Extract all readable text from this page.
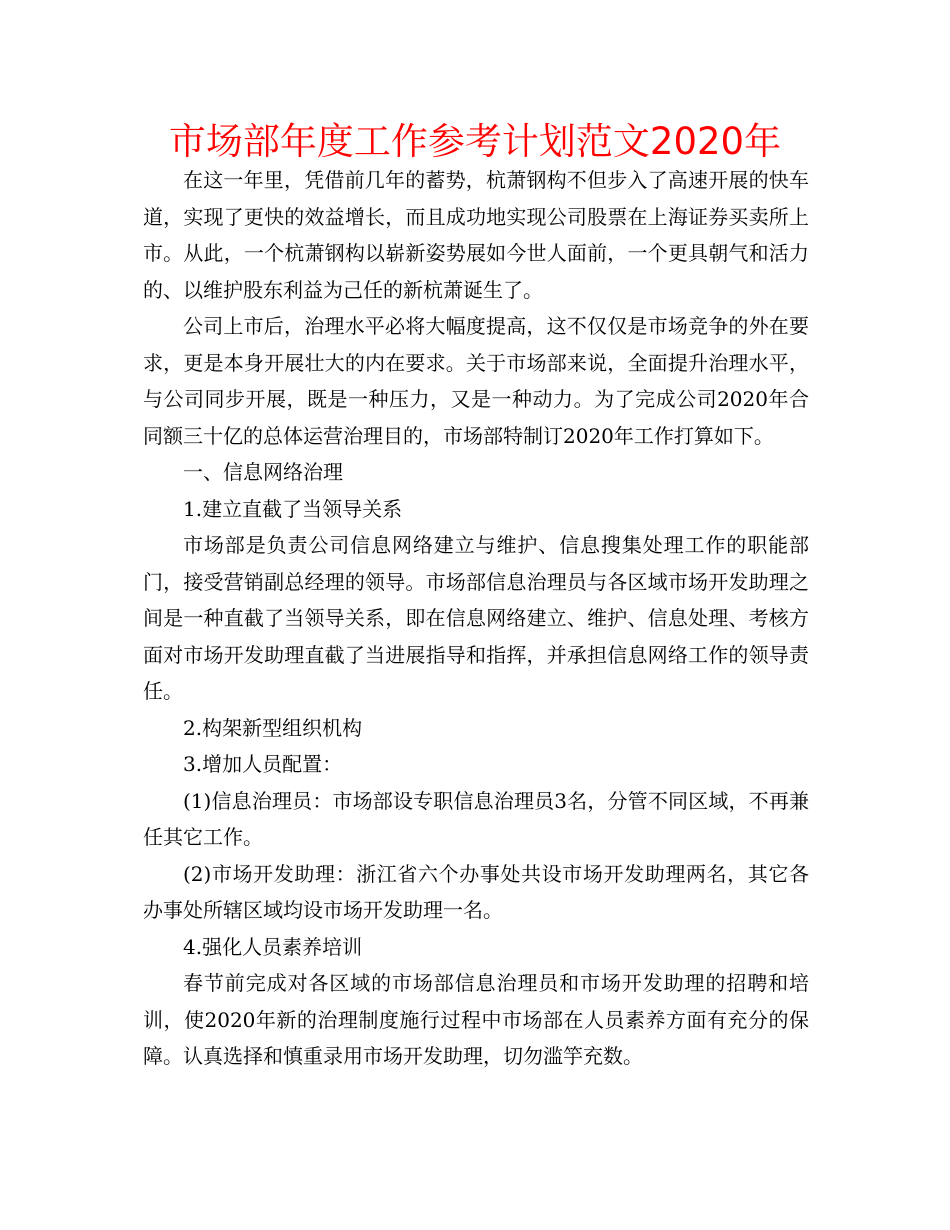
市场部年度工作参考计划范文2020年

在这一年里，凭借前几年的蓄势，杭萧钢构不但步入了高速开展的快车道，实现了更快的效益增长，而且成功地实现公司股票在上海证券买卖所上市。从此，一个杭萧钢构以崭新姿势展如今世人面前，一个更具朝气和活力的、以维护股东利益为己任的新杭萧诞生了。

公司上市后，治理水平必将大幅度提高，这不仅仅是市场竞争的外在要求，更是本身开展壮大的内在要求。关于市场部来说，全面提升治理水平，与公司同步开展，既是一种压力，又是一种动力。为了完成公司2020年合同额三十亿的总体运营治理目的，市场部特制订2020年工作打算如下。

一、信息网络治理

1.建立直截了当领导关系

市场部是负责公司信息网络建立与维护、信息搜集处理工作的职能部门，接受营销副总经理的领导。市场部信息治理员与各区域市场开发助理之间是一种直截了当领导关系，即在信息网络建立、维护、信息处理、考核方面对市场开发助理直截了当进展指导和指挥，并承担信息网络工作的领导责任。

2.构架新型组织机构

3.增加人员配置：

(1)信息治理员：市场部设专职信息治理员3名，分管不同区域，不再兼任其它工作。

(2)市场开发助理：浙江省六个办事处共设市场开发助理两名，其它各办事处所辖区域均设市场开发助理一名。

4.强化人员素养培训

春节前完成对各区域的市场部信息治理员和市场开发助理的招聘和培训，使2020年新的治理制度施行过程中市场部在人员素养方面有充分的保障。认真选择和慎重录用市场开发助理，切勿滥竽充数。
